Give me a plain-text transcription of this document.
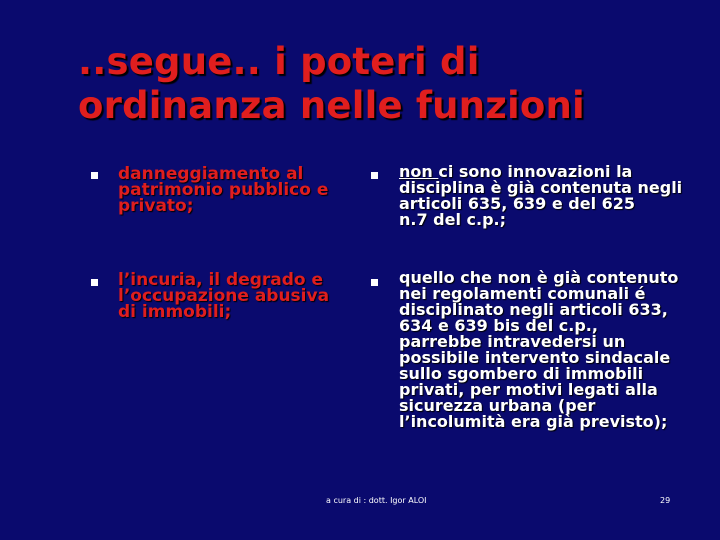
..segue.. i poteri di
ordinanza nelle funzioni
danneggiamento al
patrimonio pubblico e
privato;
non ci sono innovazioni la
disciplina è già contenuta negli
articoli 635, 639 e del 625
n.7 del c.p.;
l’incuria, il degrado e
l’occupazione abusiva
di immobili;
quello che non è già contenuto
nei regolamenti comunali é
disciplinato negli articoli 633,
634 e 639 bis del c.p.,
parrebbe intravedersi un
possibile intervento sindacale
sullo sgombero di immobili
privati, per motivi legati alla
sicurezza urbana (per
l’incolumità era già previsto);
a cura di : dott. Igor ALOI	29
